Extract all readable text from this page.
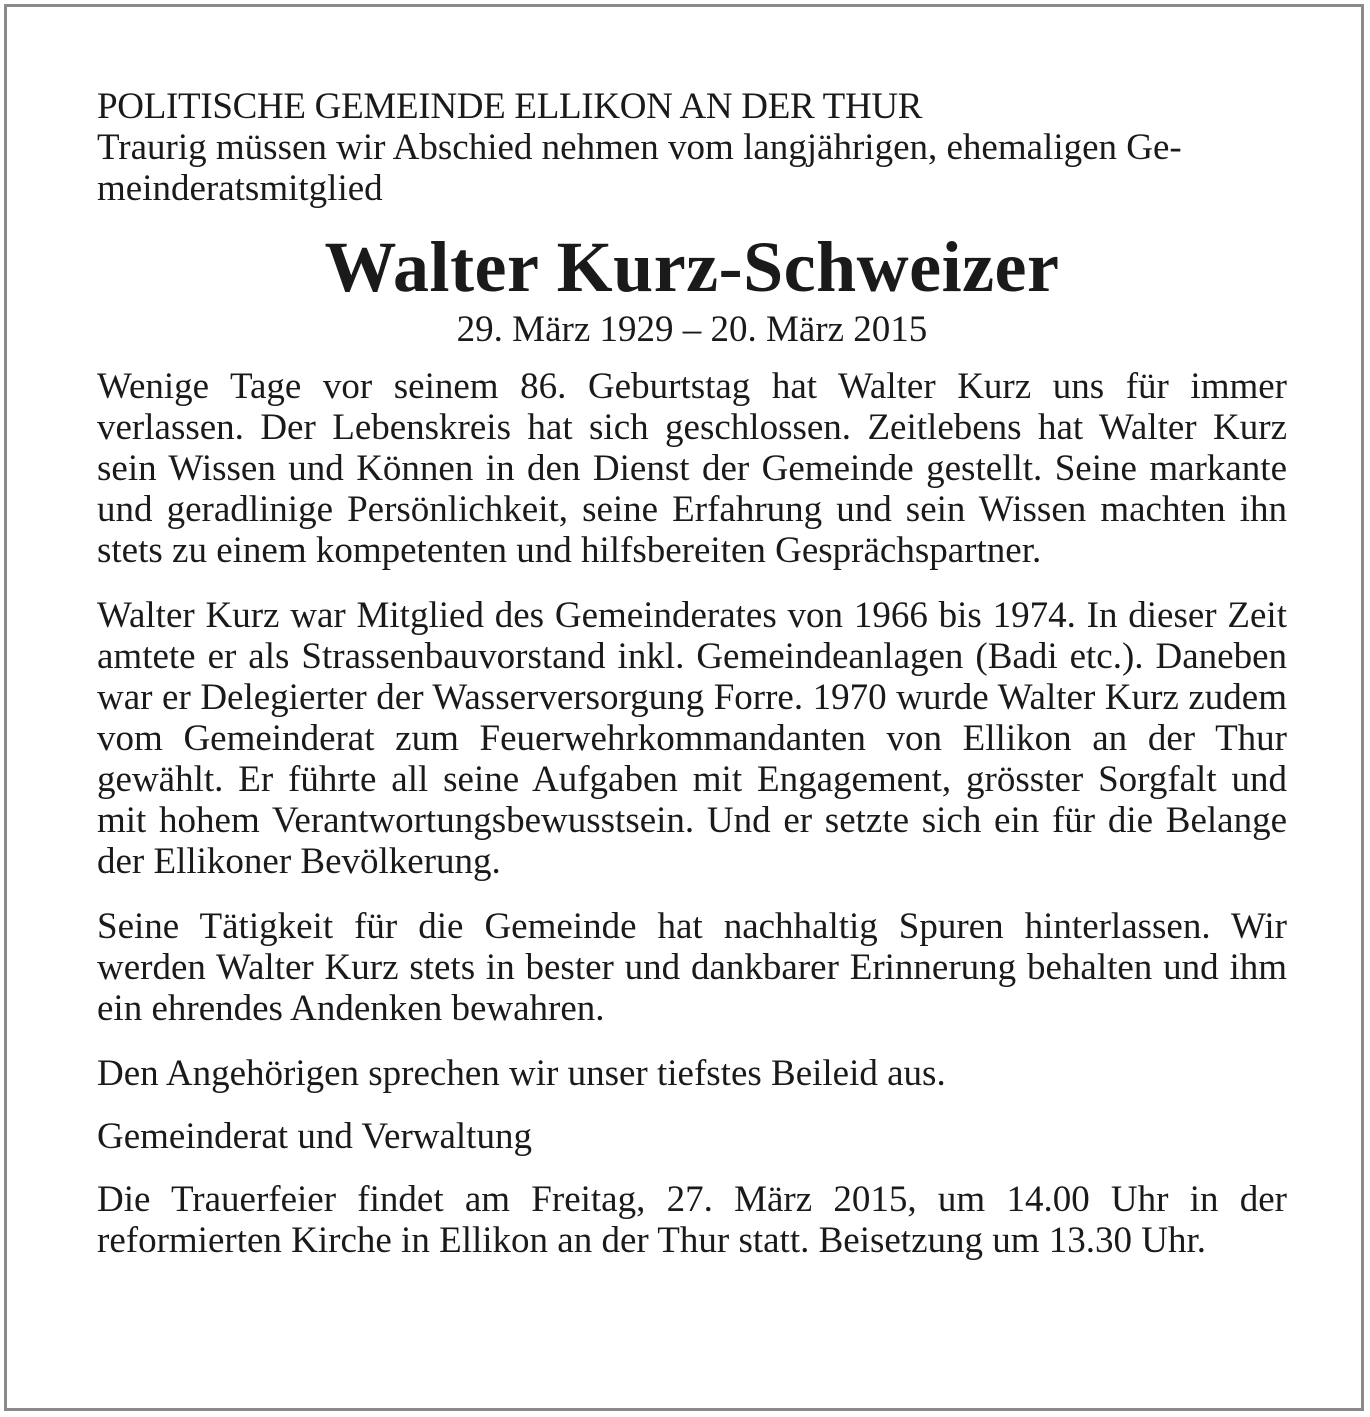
POLITISCHE GEMEINDE ELLIKON AN DER THUR

Traurig müssen wir Abschied nehmen vom langjährigen, ehemaligen Ge-
meinderatsmitglied

Walter Kurz-Schweizer

29. März 1929 – 20. März 2015

Wenige Tage vor seinem 86. Geburtstag hat Walter Kurz uns für immer verlassen. Der Lebenskreis hat sich geschlossen. Zeitlebens hat Walter Kurz sein Wissen und Können in den Dienst der Gemeinde gestellt. Seine markante und geradlinige Persönlichkeit, seine Erfahrung und sein Wissen machten ihn stets zu einem kompetenten und hilfsbereiten Gesprächspartner.

Walter Kurz war Mitglied des Gemeinderates von 1966 bis 1974. In dieser Zeit amtete er als Strassenbauvorstand inkl. Gemeindeanlagen (Badi etc.). Daneben war er Delegierter der Wasserversorgung Forre. 1970 wurde Walter Kurz zudem vom Gemeinderat zum Feuerwehrkommandanten von Ellikon an der Thur gewählt. Er führte all seine Aufgaben mit Engagement, grösster Sorgfalt und mit hohem Verantwortungsbewusstsein. Und er setzte sich ein für die Belange der Ellikoner Bevölkerung.

Seine Tätigkeit für die Gemeinde hat nachhaltig Spuren hinterlassen. Wir werden Walter Kurz stets in bester und dankbarer Erinnerung behalten und ihm ein ehrendes Andenken bewahren.

Den Angehörigen sprechen wir unser tiefstes Beileid aus.

Gemeinderat und Verwaltung

Die Trauerfeier findet am Freitag, 27. März 2015, um 14.00 Uhr in der reformierten Kirche in Ellikon an der Thur statt. Beisetzung um 13.30 Uhr.
